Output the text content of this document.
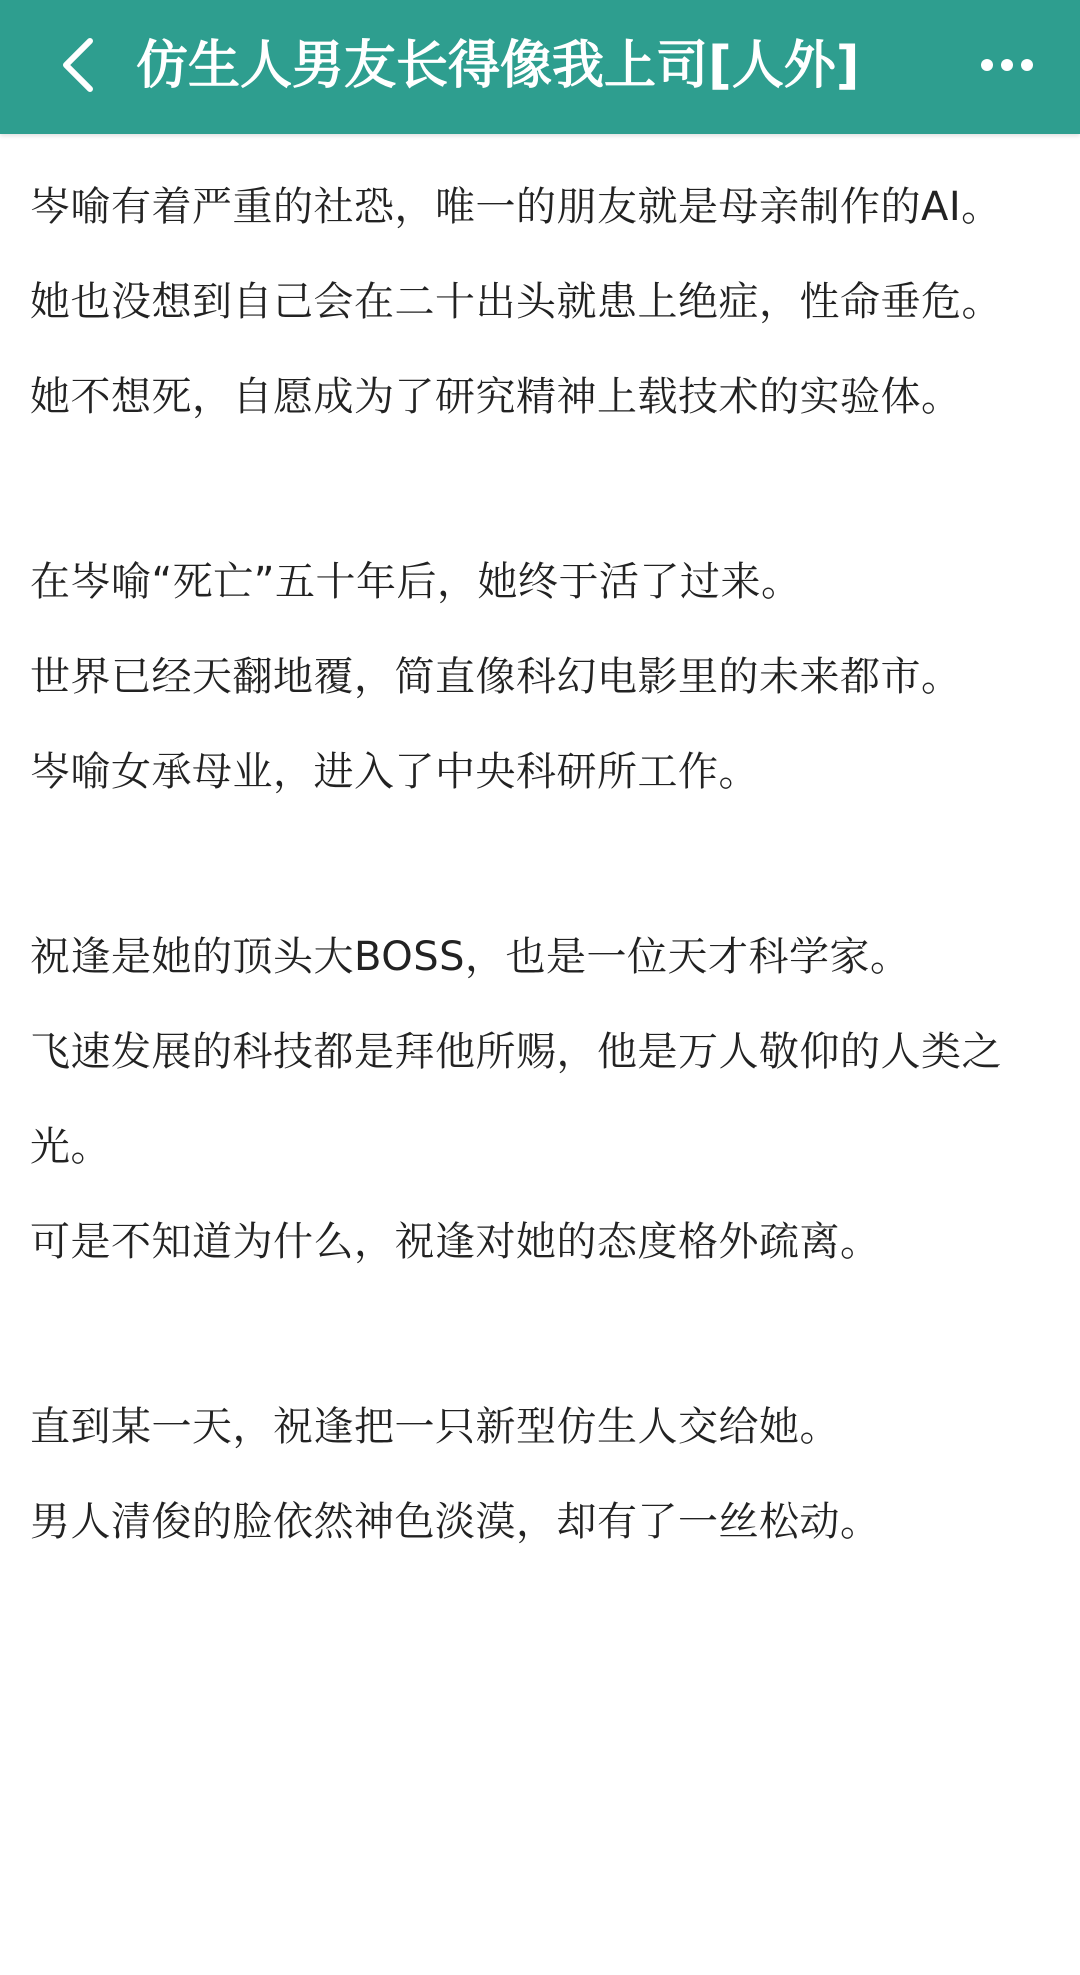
仿生人男友长得像我上司[人外]

岑喻有着严重的社恐，唯一的朋友就是母亲制作的AI。

她也没想到自己会在二十出头就患上绝症，性命垂危。

她不想死，自愿成为了研究精神上载技术的实验体。

在岑喻“死亡”五十年后，她终于活了过来。

世界已经天翻地覆，简直像科幻电影里的未来都市。

岑喻女承母业，进入了中央科研所工作。

祝逢是她的顶头大BOSS，也是一位天才科学家。

飞速发展的科技都是拜他所赐，他是万人敬仰的人类之光。

可是不知道为什么，祝逢对她的态度格外疏离。

直到某一天，祝逢把一只新型仿生人交给她。

男人清俊的脸依然神色淡漠，却有了一丝松动。
